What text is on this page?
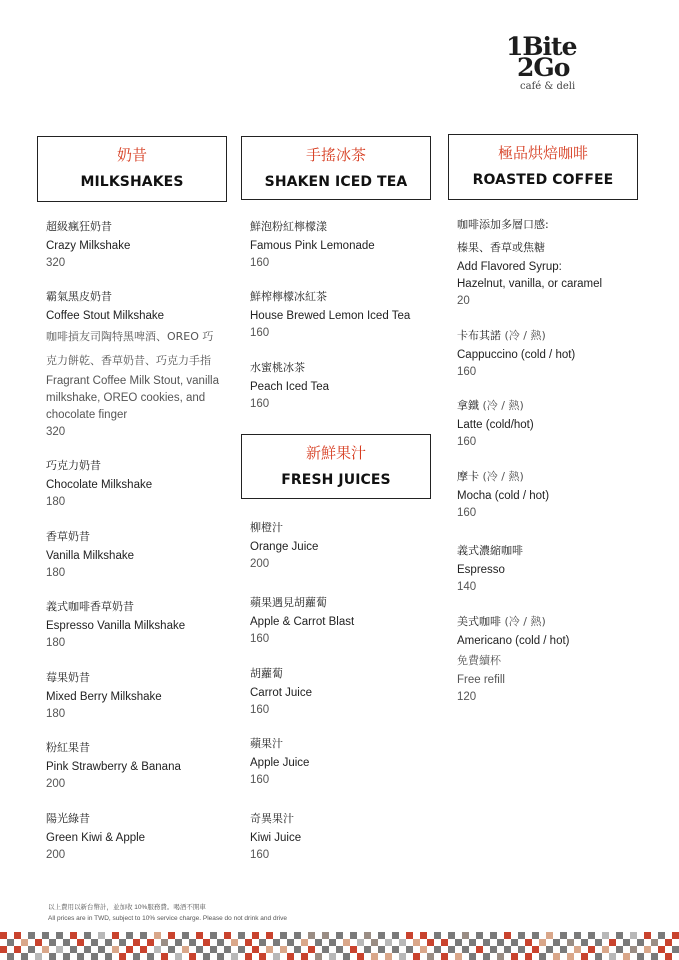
1Bite
2Go
café & deli
奶昔
MILKSHAKES
手搖冰茶
SHAKEN ICED TEA
極品烘焙咖啡
ROASTED COFFEE
新鮮果汁
FRESH JUICES
超級瘋狂奶昔
Crazy Milkshake
320
霸氣黑皮奶昔
Coffee Stout Milkshake
咖啡摃友司陶特黑啤酒、OREO 巧
克力餅乾、香草奶昔、巧克力手指
Fragrant Coffee Milk Stout, vanilla
milkshake, OREO cookies, and
chocolate finger
320
巧克力奶昔
Chocolate Milkshake
180
香草奶昔
Vanilla Milkshake
180
義式咖啡香草奶昔
Espresso Vanilla Milkshake
180
莓果奶昔
Mixed Berry Milkshake
180
粉紅果昔
Pink Strawberry & Banana
200
陽光綠昔
Green Kiwi & Apple
200
鮮泡粉紅檸檬漾
Famous Pink Lemonade
160
鮮榨檸檬冰紅茶
House Brewed Lemon Iced Tea
160
水蜜桃冰茶
Peach Iced Tea
160
柳橙汁
Orange Juice
200
蘋果遇見胡蘿蔔
Apple & Carrot Blast
160
胡蘿蔔
Carrot Juice
160
蘋果汁
Apple Juice
160
奇異果汁
Kiwi Juice
160
咖啡添加多層口感:
榛果、香草或焦糖
Add Flavored Syrup:
Hazelnut, vanilla, or caramel
20
卡布其諾 (冷 / 熱)
Cappuccino (cold / hot)
160
拿鐵 (冷 / 熱)
Latte (cold/hot)
160
摩卡 (冷 / 熱)
Mocha (cold / hot)
160
義式濃縮咖啡
Espresso
140
美式咖啡 (冷 / 熱)
Americano (cold / hot)
免費續杯
Free refill
120
以上費用以新台幣計，並加收 10%服務費。喝酒不開車
All prices are in TWD, subject to 10% service charge. Please do not drink and drive
